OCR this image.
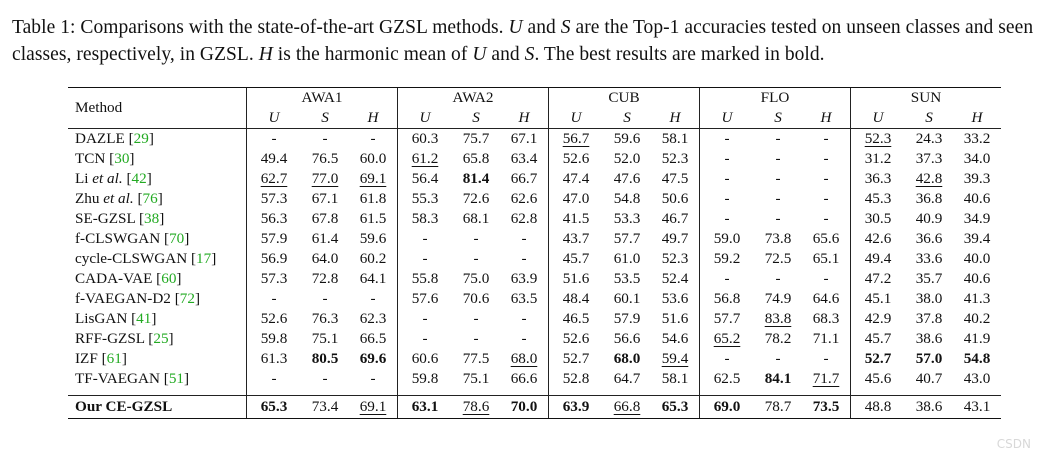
Table 1: Comparisons with the state-of-the-art GZSL methods. U and S are the Top-1 accuracies tested on unseen classes and seen classes, respectively, in GZSL. H is the harmonic mean of U and S. The best results are marked in bold.
Method	AWA1			AWA2			CUB			FLO			SUN		
	U	S	H	U	S	H	U	S	H	U	S	H	U	S	H
DAZLE [29]	-	-	-	60.3	75.7	67.1	56.7	59.6	58.1	-	-	-	52.3	24.3	33.2
TCN [30]	49.4	76.5	60.0	61.2	65.8	63.4	52.6	52.0	52.3	-	-	-	31.2	37.3	34.0
Li et al. [42]	62.7	77.0	69.1	56.4	81.4	66.7	47.4	47.6	47.5	-	-	-	36.3	42.8	39.3
Zhu et al. [76]	57.3	67.1	61.8	55.3	72.6	62.6	47.0	54.8	50.6	-	-	-	45.3	36.8	40.6
SE-GZSL [38]	56.3	67.8	61.5	58.3	68.1	62.8	41.5	53.3	46.7	-	-	-	30.5	40.9	34.9
f-CLSWGAN [70]	57.9	61.4	59.6	-	-	-	43.7	57.7	49.7	59.0	73.8	65.6	42.6	36.6	39.4
cycle-CLSWGAN [17]	56.9	64.0	60.2	-	-	-	45.7	61.0	52.3	59.2	72.5	65.1	49.4	33.6	40.0
CADA-VAE [60]	57.3	72.8	64.1	55.8	75.0	63.9	51.6	53.5	52.4	-	-	-	47.2	35.7	40.6
f-VAEGAN-D2 [72]	-	-	-	57.6	70.6	63.5	48.4	60.1	53.6	56.8	74.9	64.6	45.1	38.0	41.3
LisGAN [41]	52.6	76.3	62.3	-	-	-	46.5	57.9	51.6	57.7	83.8	68.3	42.9	37.8	40.2
RFF-GZSL [25]	59.8	75.1	66.5	-	-	-	52.6	56.6	54.6	65.2	78.2	71.1	45.7	38.6	41.9
IZF [61]	61.3	80.5	69.6	60.6	77.5	68.0	52.7	68.0	59.4	-	-	-	52.7	57.0	54.8
TF-VAEGAN [51]	-	-	-	59.8	75.1	66.6	52.8	64.7	58.1	62.5	84.1	71.7	45.6	40.7	43.0

Our CE-GZSL	65.3	73.4	69.1	63.1	78.6	70.0	63.9	66.8	65.3	69.0	78.7	73.5	48.8	38.6	43.1
CSDN
